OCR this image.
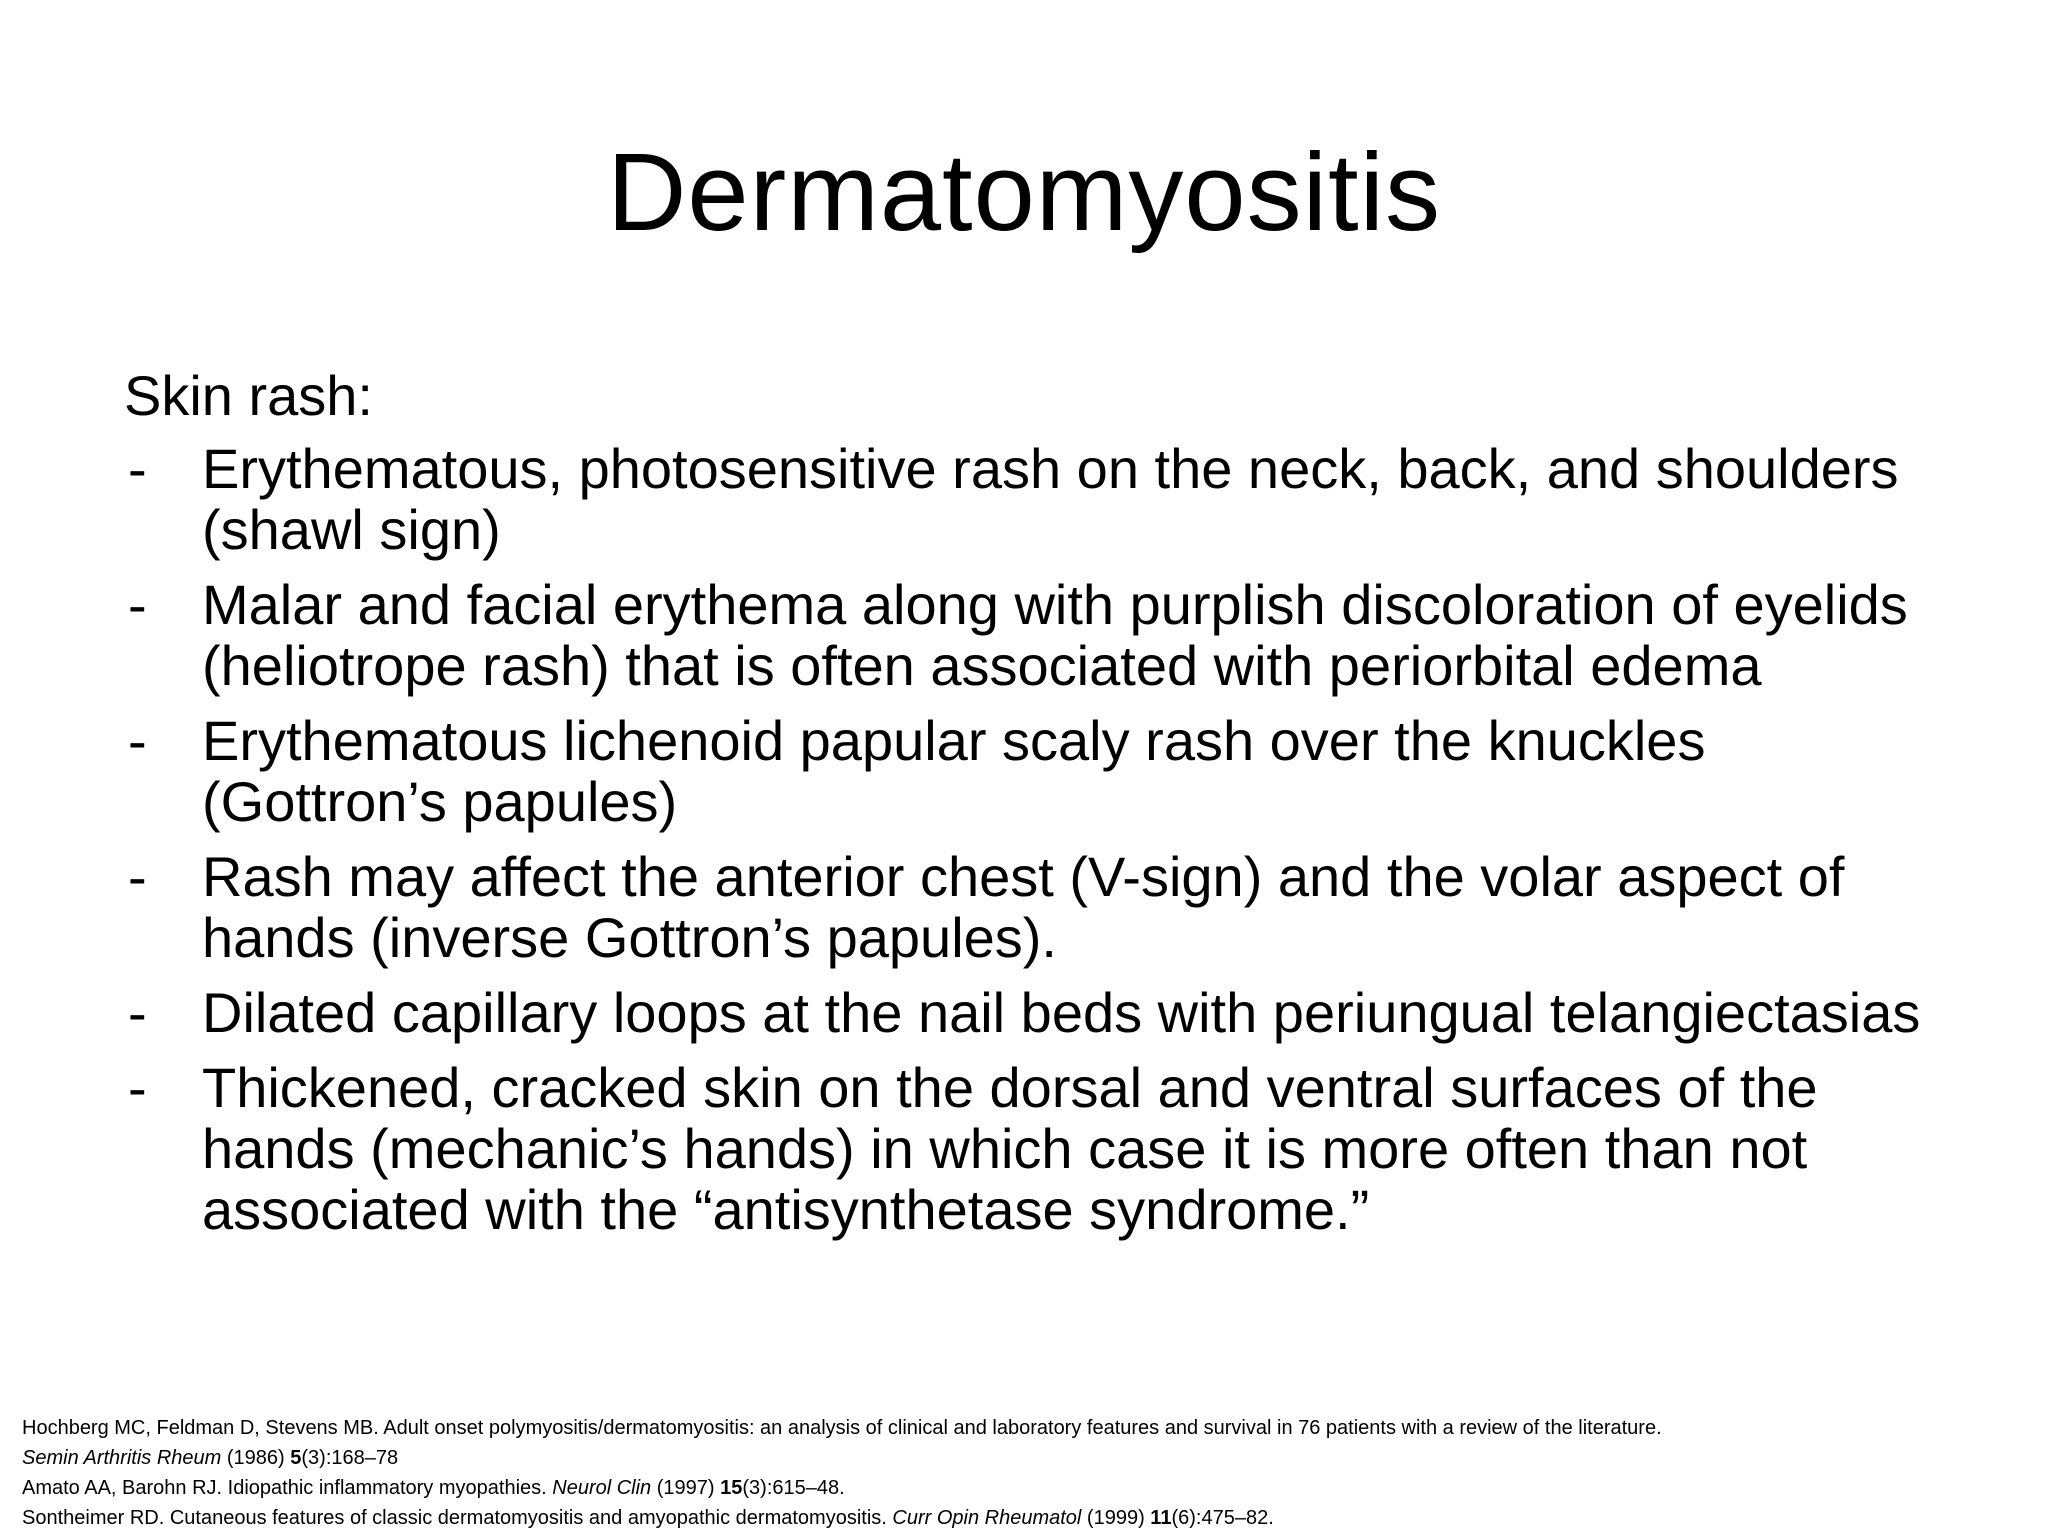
Dermatomyositis

Skin rash:

- Erythematous, photosensitive rash on the neck, back, and shoulders (shawl sign)
- Malar and facial erythema along with purplish discoloration of eyelids (heliotrope rash) that is often associated with periorbital edema
- Erythematous lichenoid papular scaly rash over the knuckles (Gottron’s papules)
- Rash may affect the anterior chest (V-sign) and the volar aspect of hands (inverse Gottron’s papules).
- Dilated capillary loops at the nail beds with periungual telangiectasias
- Thickened, cracked skin on the dorsal and ventral surfaces of the hands (mechanic’s hands) in which case it is more often than not associated with the “antisynthetase syndrome.”

Hochberg MC, Feldman D, Stevens MB. Adult onset polymyositis/dermatomyositis: an analysis of clinical and laboratory features and survival in 76 patients with a review of the literature.
Semin Arthritis Rheum (1986) 5(3):168–78

Amato AA, Barohn RJ. Idiopathic inflammatory myopathies. Neurol Clin (1997) 15(3):615–48.

Sontheimer RD. Cutaneous features of classic dermatomyositis and amyopathic dermatomyositis. Curr Opin Rheumatol (1999) 11(6):475–82.
